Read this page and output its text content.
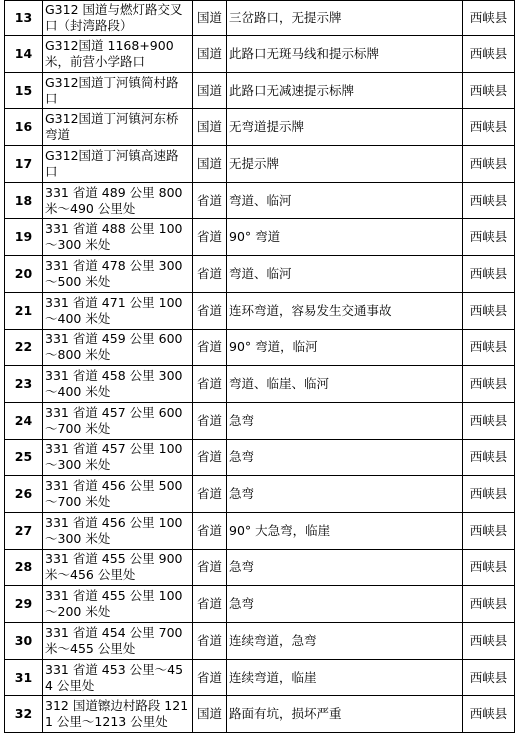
13	G312 国道与燃灯路交叉口（封湾路段）	国道	三岔路口，无提示牌	西峡县
14	G312国道 1168+900米，前营小学路口	国道	此路口无斑马线和提示标牌	西峡县
15	G312国道丁河镇简村路口	国道	此路口无减速提示标牌	西峡县
16	G312国道丁河镇河东桥弯道	国道	无弯道提示牌	西峡县
17	G312国道丁河镇高速路口	国道	无提示牌	西峡县
18	331 省道 489 公里 800 米～490 公里处	省道	弯道、临河	西峡县
19	331 省道 488 公里 100～300 米处	省道	90° 弯道	西峡县
20	331 省道 478 公里 300～500 米处	省道	弯道、临河	西峡县
21	331 省道 471 公里 100～400 米处	省道	连环弯道，容易发生交通事故	西峡县
22	331 省道 459 公里 600～800 米处	省道	90° 弯道，临河	西峡县
23	331 省道 458 公里 300～400 米处	省道	弯道、临崖、临河	西峡县
24	331 省道 457 公里 600～700 米处	省道	急弯	西峡县
25	331 省道 457 公里 100～300 米处	省道	急弯	西峡县
26	331 省道 456 公里 500～700 米处	省道	急弯	西峡县
27	331 省道 456 公里 100～300 米处	省道	90° 大急弯，临崖	西峡县
28	331 省道 455 公里 900 米～456 公里处	省道	急弯	西峡县
29	331 省道 455 公里 100～200 米处	省道	急弯	西峡县
30	331 省道 454 公里 700 米～455 公里处	省道	连续弯道，急弯	西峡县
31	331 省道 453 公里～454 公里处	省道	连续弯道，临崖	西峡县
32	312 国道镲边村路段 1211 公里～1213 公里处	国道	路面有坑，损坏严重	西峡县
